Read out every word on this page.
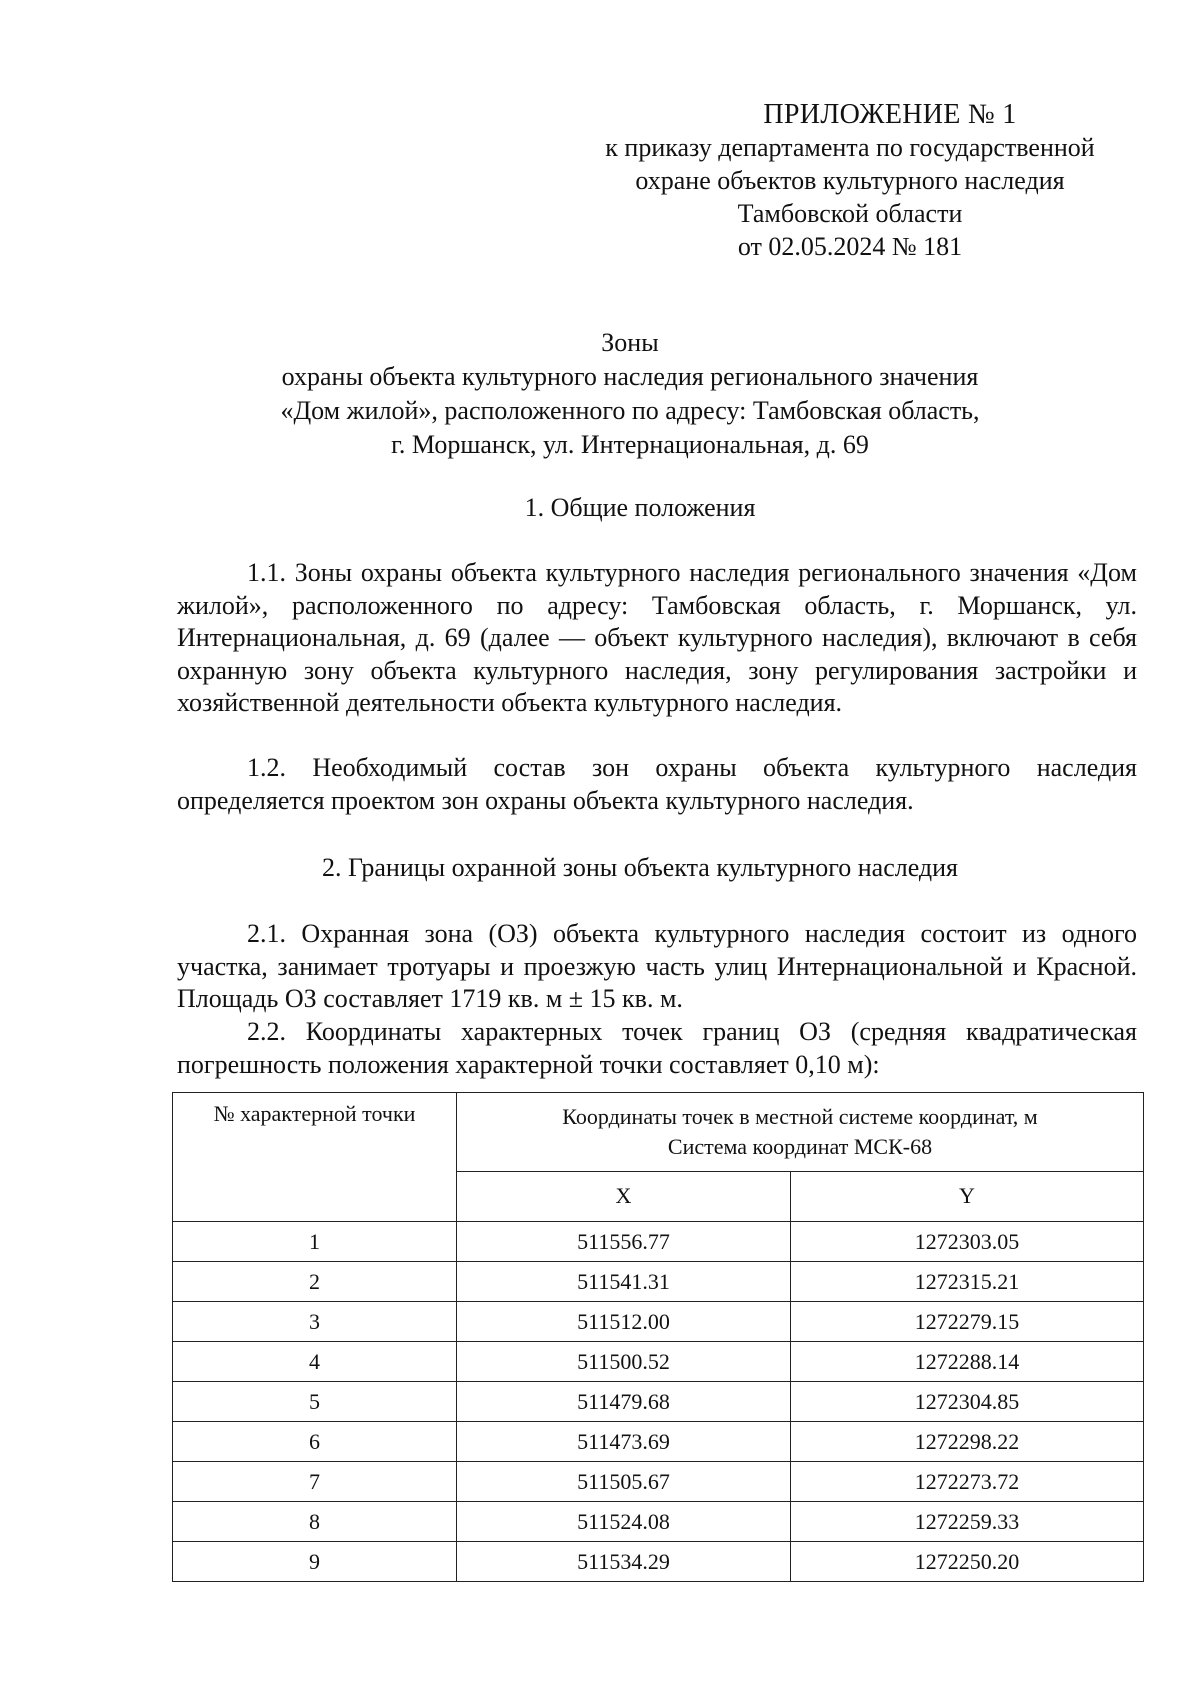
ПРИЛОЖЕНИЕ № 1
к приказу департамента по государственной
охране объектов культурного наследия
Тамбовской области
от 02.05.2024 № 181
Зоны
охраны объекта культурного наследия регионального значения
«Дом жилой», расположенного по адресу: Тамбовская область,
г. Моршанск, ул. Интернациональная, д. 69
1. Общие положения

1.1. Зоны охраны объекта культурного наследия регионального значения «Дом жилой», расположенного по адресу: Тамбовская область, г. Моршанск, ул. Интернациональная, д. 69 (далее — объект культурного наследия), включают в себя охранную зону объекта культурного наследия, зону регулирования застройки и хозяйственной деятельности объекта культурного наследия.

1.2. Необходимый состав зон охраны объекта культурного наследия определяется проектом зон охраны объекта культурного наследия.

2. Границы охранной зоны объекта культурного наследия

2.1. Охранная зона (ОЗ) объекта культурного наследия состоит из одного участка, занимает тротуары и проезжую часть улиц Интернациональной и Красной. Площадь ОЗ составляет 1719 кв. м ± 15 кв. м.

2.2. Координаты характерных точек границ ОЗ (средняя квадратическая погрешность положения характерной точки составляет 0,10 м):

№ характерной точки	Координаты точек в местной системе координат, м
Система координат МСК-68	

	X	Y
1	511556.77	1272303.05
2	511541.31	1272315.21
3	511512.00	1272279.15
4	511500.52	1272288.14
5	511479.68	1272304.85
6	511473.69	1272298.22
7	511505.67	1272273.72
8	511524.08	1272259.33
9	511534.29	1272250.20
